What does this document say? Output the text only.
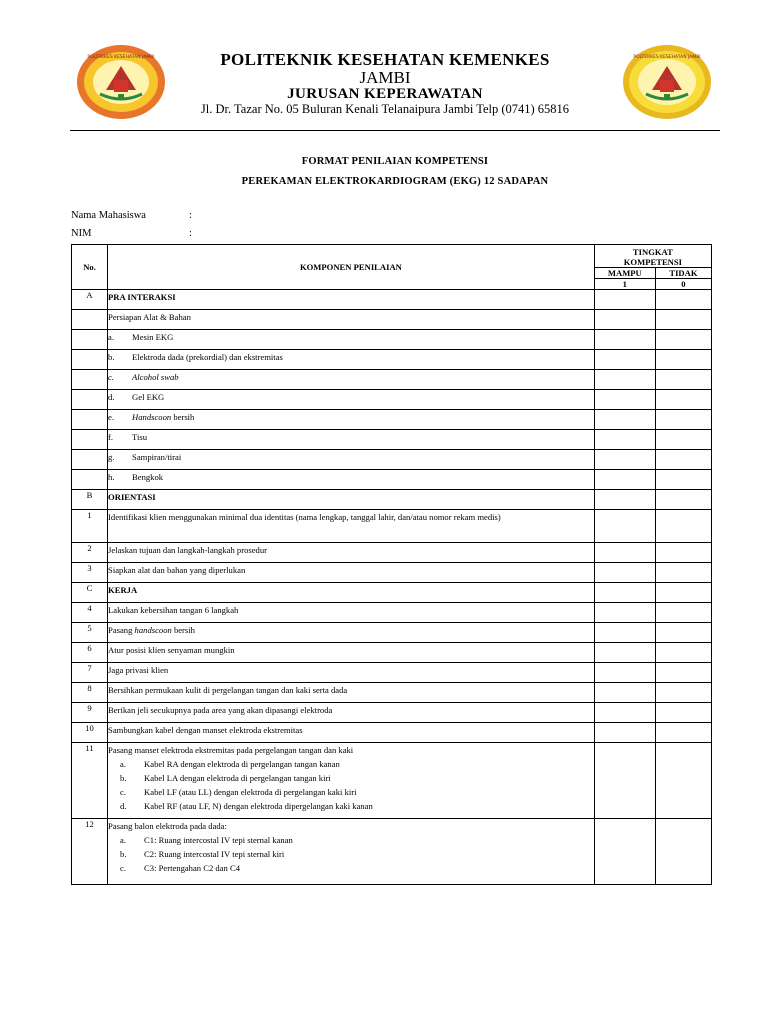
POLTEKKES KESEHATAN JAMBI	POLTEKKES KESEHATAN JAMBI
POLITEKNIK KESEHATAN KEMENKES
JAMBI
JURUSAN KEPERAWATAN
Jl. Dr. Tazar No. 05 Buluran Kenali Telanaipura Jambi Telp (0741) 65816
FORMAT PENILAIAN KOMPETENSI
PEREKAMAN ELEKTROKARDIOGRAM (EKG) 12 SADAPAN
Nama Mahasiswa	:
NIM	:
No.	KOMPONEN PENILAIAN	TINGKAT
KOMPETENSI	

		MAMPU	TIDAK
		1	0
A	PRA INTERAKSI		
	Persiapan Alat & Bahan		
	a. Mesin EKG		
	b. Elektroda dada (prekordial) dan ekstremitas		
	c. Alcohol swab		
	d. Gel EKG		
	e. Handscoon bersih		
	f. Tisu		
	g. Sampiran/tirai		
	h. Bengkok		
B	ORIENTASI		
1	Identifikasi klien menggunakan minimal dua identitas (nama lengkap, tanggal lahir, dan/atau nomor rekam medis)		
2	Jelaskan tujuan dan langkah-langkah prosedur		
3	Siapkan alat dan bahan yang diperlukan		
C	KERJA		
4	Lakukan kebersihan tangan 6 langkah		
5	Pasang handscoon bersih		
6	Atur posisi klien senyaman mungkin		
7	Jaga privasi klien		
8	Bersihkan permukaan kulit di pergelangan tangan dan kaki serta dada		
9	Berikan jeli secukupnya pada area yang akan dipasangi elektroda		
10	Sambungkan kabel dengan manset elektroda ekstremitas		
11	Pasang manset elektroda ekstremitas pada pergelangan tangan dan kaki
a. Kabel RA dengan elektroda di pergelangan tangan kanan
b. Kabel LA dengan elektroda di pergelangan tangan kiri
c. Kabel LF (atau LL) dengan elektroda di pergelangan kaki kiri
d. Kabel RF (atau LF, N) dengan elektroda dipergelangan kaki kanan		

12	Pasang balon elektroda pada dada:
a. C1: Ruang intercostal IV tepi sternal kanan
b. C2: Ruang intercostal IV tepi sternal kiri
c. C3: Pertengahan C2 dan C4		
